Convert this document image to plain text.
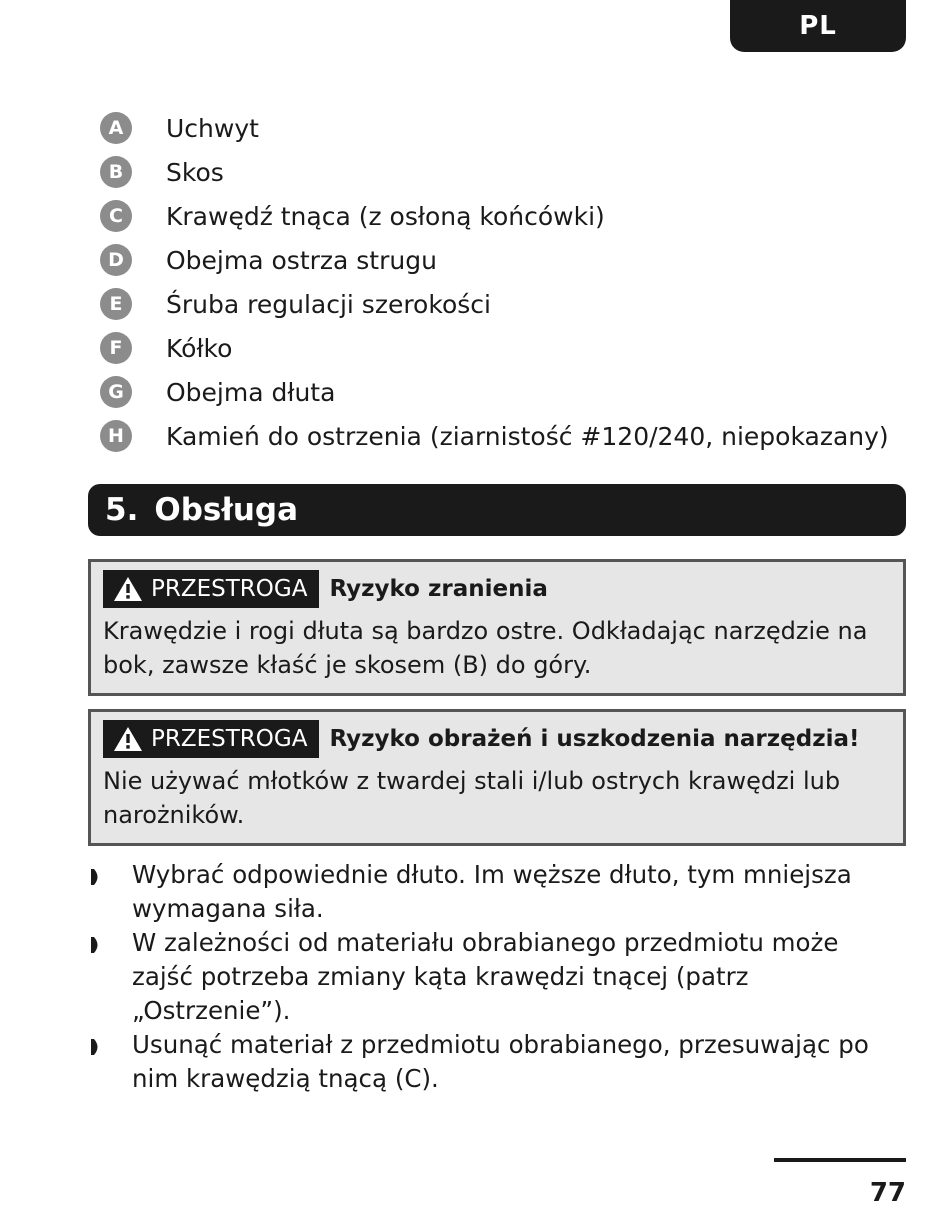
PL
A	Uchwyt
B	Skos
C	Krawędź tnąca (z osłoną końcówki)
D	Obejma ostrza strugu
E	Śruba regulacji szerokości
F	Kółko
G	Obejma dłuta
H	Kamień do ostrzenia (ziarnistość #120/240, niepokazany)
5. Obsługa
PRZESTROGA Ryzyko zranienia
Krawędzie i rogi dłuta są bardzo ostre. Odkładając narzędzie na bok, zawsze kłaść je skosem (B) do góry.
PRZESTROGA Ryzyko obrażeń i uszkodzenia narzędzia!
Nie używać młotków z twardej stali i/lub ostrych krawędzi lub narożników.
Wybrać odpowiednie dłuto. Im węższe dłuto, tym mniejsza wymagana siła.
W zależności od materiału obrabianego przedmiotu może zajść potrzeba zmiany kąta krawędzi tnącej (patrz „Ostrzenie”).
Usunąć materiał z przedmiotu obrabianego, przesuwając po nim krawędzią tnącą (C).
77
